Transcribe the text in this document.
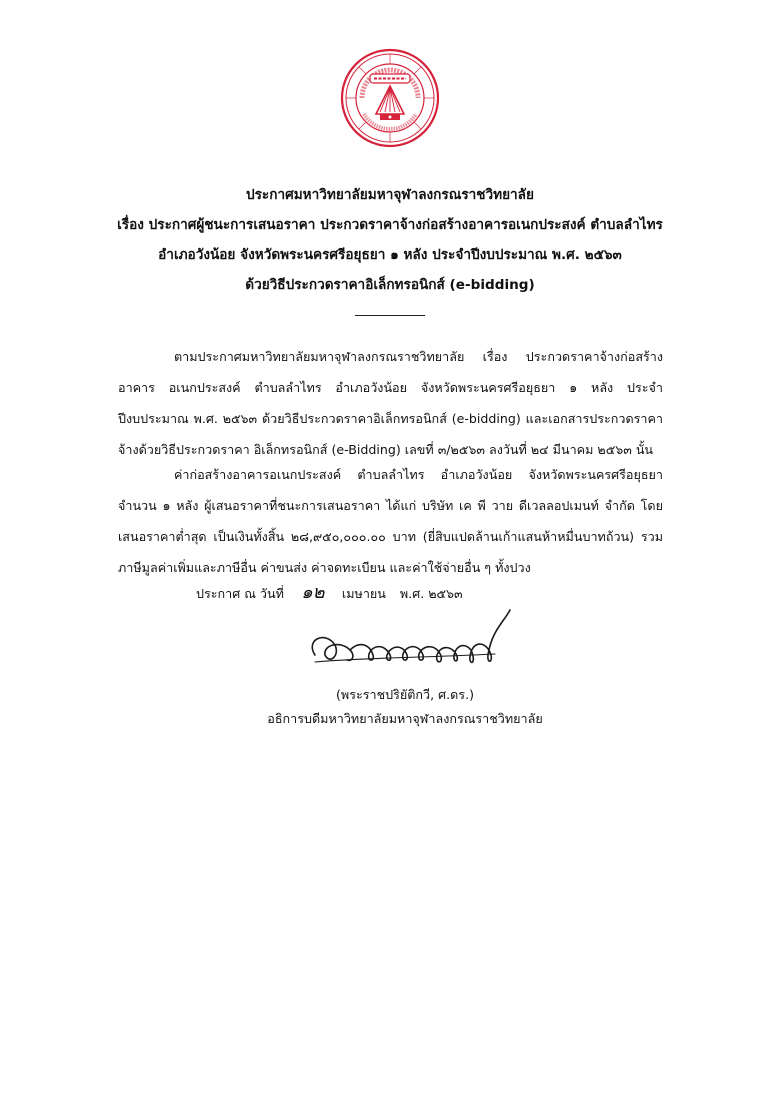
ประกาศมหาวิทยาลัยมหาจุฬาลงกรณราชวิทยาลัย
เรื่อง ประกาศผู้ชนะการเสนอราคา ประกวดราคาจ้างก่อสร้างอาคารอเนกประสงค์ ตำบลลำไทร
อำเภอวังน้อย จังหวัดพระนครศรีอยุธยา ๑ หลัง ประจำปีงบประมาณ พ.ศ. ๒๕๖๓
ด้วยวิธีประกวดราคาอิเล็กทรอนิกส์ (e-bidding)
ตามประกาศมหาวิทยาลัยมหาจุฬาลงกรณราชวิทยาลัย เรื่อง ประกวดราคาจ้างก่อสร้างอาคาร อเนกประสงค์ ตำบลลำไทร อำเภอวังน้อย จังหวัดพระนครศรีอยุธยา ๑ หลัง ประจำปีงบประมาณ พ.ศ. ๒๕๖๓ ด้วยวิธีประกวดราคาอิเล็กทรอนิกส์ (e-bidding) และเอกสารประกวดราคาจ้างด้วยวิธีประกวดราคา อิเล็กทรอนิกส์ (e-Bidding) เลขที่ ๓/๒๕๖๓ ลงวันที่ ๒๔ มีนาคม ๒๕๖๓ นั้น
ค่าก่อสร้างอาคารอเนกประสงค์ ตำบลลำไทร อำเภอวังน้อย จังหวัดพระนครศรีอยุธยา จำนวน ๑ หลัง ผู้เสนอราคาที่ชนะการเสนอราคา ได้แก่ บริษัท เค พี วาย ดีเวลลอปเมนท์ จำกัด โดยเสนอราคาต่ำสุด เป็นเงินทั้งสิ้น ๒๘,๙๕๐,๐๐๐.๐๐ บาท (ยี่สิบแปดล้านเก้าแสนห้าหมื่นบาทถ้วน) รวมภาษีมูลค่าเพิ่มและภาษีอื่น ค่าขนส่ง ค่าจดทะเบียน และค่าใช้จ่ายอื่น ๆ ทั้งปวง
ประกาศ ณ วันที่ ๑๒ เมษายน พ.ศ. ๒๕๖๓
(พระราชปริยัติกวี, ศ.ดร.)
อธิการบดีมหาวิทยาลัยมหาจุฬาลงกรณราชวิทยาลัย
